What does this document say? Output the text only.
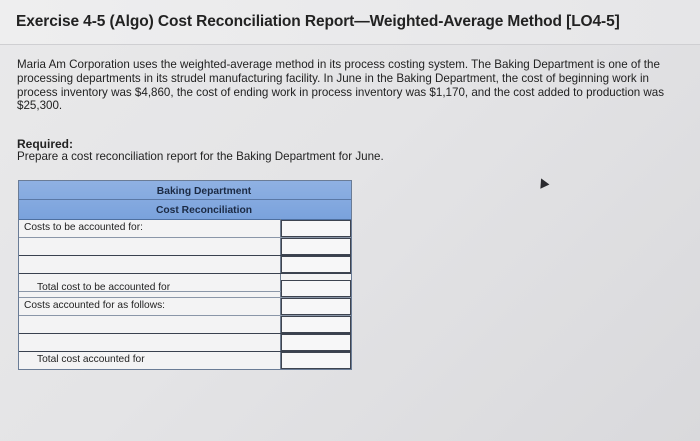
Exercise 4-5 (Algo) Cost Reconciliation Report—Weighted-Average Method [LO4-5]
Maria Am Corporation uses the weighted-average method in its process costing system. The Baking Department is one of the processing departments in its strudel manufacturing facility. In June in the Baking Department, the cost of beginning work in process inventory was $4,860, the cost of ending work in process inventory was $1,170, and the cost added to production was $25,300.
Required:
Prepare a cost reconciliation report for the Baking Department for June.
Baking Department
Cost Reconciliation
Costs to be accounted for:
Total cost to be accounted for
Costs accounted for as follows:
Total cost accounted for
